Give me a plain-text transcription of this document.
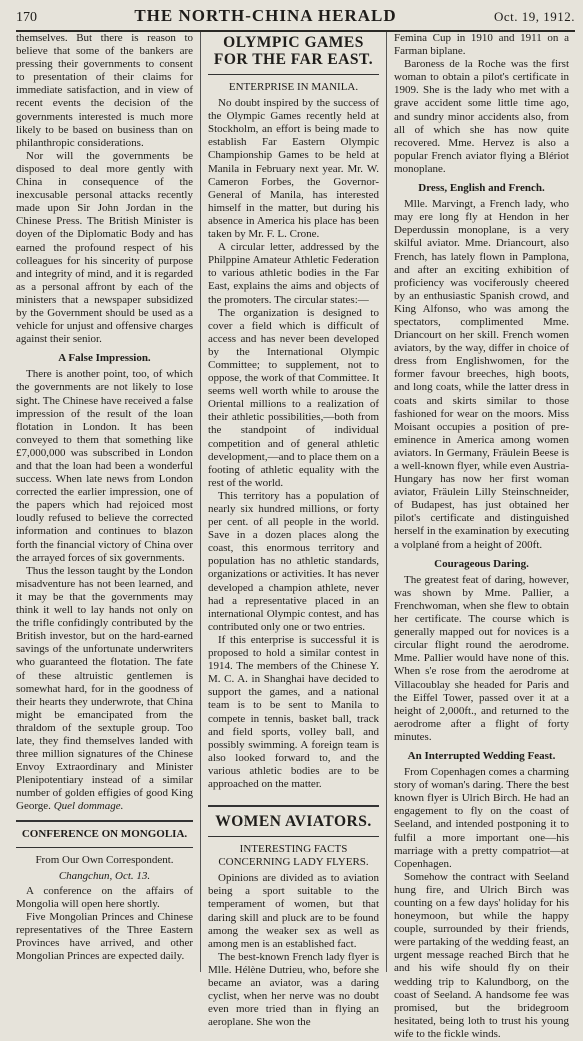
170	THE NORTH-CHINA HERALD	Oct. 19, 1912.

themselves. But there is reason to believe that some of the bankers are pressing their governments to consent to presentation of their claims for immediate satisfaction, and in view of recent events the decision of the governments interested is much more likely to be based on business than on philanthropic considerations.

Nor will the governments be disposed to deal more gently with China in consequence of the inexcusable personal attacks recently made upon Sir John Jordan in the Chinese Press. The British Minister is doyen of the Diplomatic Body and has earned the profound respect of his colleagues for his sincerity of purpose and integrity of mind, and it is regarded as a personal affront by each of the ministers that a newspaper subsidized by the Government should be used as a vehicle for unjust and offensive charges against their senior.

A False Impression.

There is another point, too, of which the governments are not likely to lose sight. The Chinese have received a false impression of the result of the loan flotation in London. It has been conveyed to them that something like £7,000,000 was subscribed in London and that the loan had been a wonderful success. When late news from London corrected the earlier impression, one of the papers which had rejoiced most loudly refused to believe the corrected information and continues to blazon forth the financial victory of China over the arrayed forces of six governments.

Thus the lesson taught by the London misadventure has not been learned, and it may be that the governments may think it well to lay hands not only on the trifle confidingly contributed by the British investor, but on the hard-earned savings of the unfortunate underwriters who guaranteed the flotation. The fate of these altruistic gentlemen is somewhat hard, for in the goodness of their hearts they underwrote, that China might be emancipated from the thraldom of the sextuple group. Too late, they find themselves landed with three million signatures of the Chinese Envoy Extraordinary and Minister Plenipotentiary instead of a similar number of golden effigies of good King George. Quel dommage.

CONFERENCE ON MONGOLIA.
From Our Own Correspondent.
Changchun, Oct. 13.

A conference on the affairs of Mongolia will open here shortly.

Five Mongolian Princes and Chinese representatives of the Three Eastern Provinces have arrived, and other Mongolian Princes are expected daily.

OLYMPIC GAMES FOR THE FAR EAST.
ENTERPRISE IN MANILA.

No doubt inspired by the success of the Olympic Games recently held at Stockholm, an effort is being made to establish Far Eastern Olympic Championship Games to be held at Manila in February next year. Mr. W. Cameron Forbes, the Governor-General of Manila, has interested himself in the matter, but during his absence in America his place has been taken by Mr. F. L. Crone.

A circular letter, addressed by the Philppine Amateur Athletic Federation to various athletic bodies in the Far East, explains the aims and objects of the promoters. The circular states:—

The organization is designed to cover a field which is difficult of access and has never been developed by the International Olympic Committee; to supplement, not to oppose, the work of that Committee. It seems well worth while to arouse the Oriental millions to a realization of their athletic possibilities,—both from the standpoint of individual competition and of general athletic development,—and to place them on a footing of athletic equality with the rest of the world.

This territory has a population of nearly six hundred millions, or forty per cent. of all people in the world. Save in a dozen places along the coast, this enormous territory and population has no athletic standards, organizations or activities. It has never developed a champion athlete, never had a representative placed in an international Olympic contest, and has contributed only one or two entries.

If this enterprise is successful it is proposed to hold a similar contest in 1914. The members of the Chinese Y. M. C. A. in Shanghai have decided to support the games, and a national team is to be sent to Manila to compete in tennis, basket ball, track and field sports, volley ball, and possibly swimming. A foreign team is also looked forward to, and the various athletic bodies are to be approached on the matter.

WOMEN AVIATORS.
INTERESTING FACTS CONCERNING LADY FLYERS.

Opinions are divided as to aviation being a sport suitable to the temperament of women, but that daring skill and pluck are to be found among the weaker sex as well as among men is an established fact.

The best-known French lady flyer is Mlle. Hélène Dutrieu, who, before she became an aviator, was a daring cyclist, when her nerve was no doubt even more tried than in flying an aeroplane. She won the

Femina Cup in 1910 and 1911 on a Farman biplane.

Baroness de la Roche was the first woman to obtain a pilot's certificate in 1909. She is the lady who met with a grave accident some little time ago, and sundry minor accidents also, from all of which she has now quite recovered. Mme. Hervez is also a popular French aviator flying a Blériot monoplane.

Dress, English and French.

Mlle. Marvingt, a French lady, who may ere long fly at Hendon in her Deperdussin monoplane, is a very skilful aviator. Mme. Driancourt, also French, has lately flown in Pamplona, and after an exciting exhibition of proficiency was vociferously cheered by an enthusiastic Spanish crowd, and King Alfonso, who was among the spectators, complimented Mme. Driancourt on her skill. French women aviators, by the way, differ in choice of dress from Englishwomen, for the former favour breeches, high boots, and long coats, while the latter dress in coats and skirts similar to those fashioned for wear on the moors. Miss Moisant occupies a position of pre-eminence in America among women aviators. In Germany, Fräulein Beese is a well-known flyer, while even Austria-Hungary has now her first woman aviator, Fräulein Lilly Steinschneider, of Budapest, has just obtained her pilot's certificate and distinguished herself in the examination by executing a volplané from a height of 200ft.

Courageous Daring.

The greatest feat of daring, however, was shown by Mme. Pallier, a Frenchwoman, when she flew to obtain her certificate. The course which is generally mapped out for novices is a circular flight round the aerodrome. Mme. Pallier would have none of this. When s'e rose from the aerodrome at Villacoublay she headed for Paris and the Eiffel Tower, passed over it at a height of 2,000ft., and returned to the aerodrome after a flight of forty minutes.

An Interrupted Wedding Feast.

From Copenhagen comes a charming story of woman's daring. There the best known flyer is Ulrich Birch. He had an engagement to fly on the coast of Seeland, and intended postponing it to fulfil a more important one—his marriage with a pretty compatriot—at Copenhagen.

Somehow the contract with Seeland hung fire, and Ulrich Birch was counting on a few days' holiday for his honeymoon, but while the happy couple, surrounded by their friends, were partaking of the wedding feast, an urgent message reached Birch that he and his wife should fly on their wedding trip to Kalundborg, on the coast of Seeland. A handsome fee was promised, but the bridegroom hesitated, being loth to trust his young wife to the fickle winds.
